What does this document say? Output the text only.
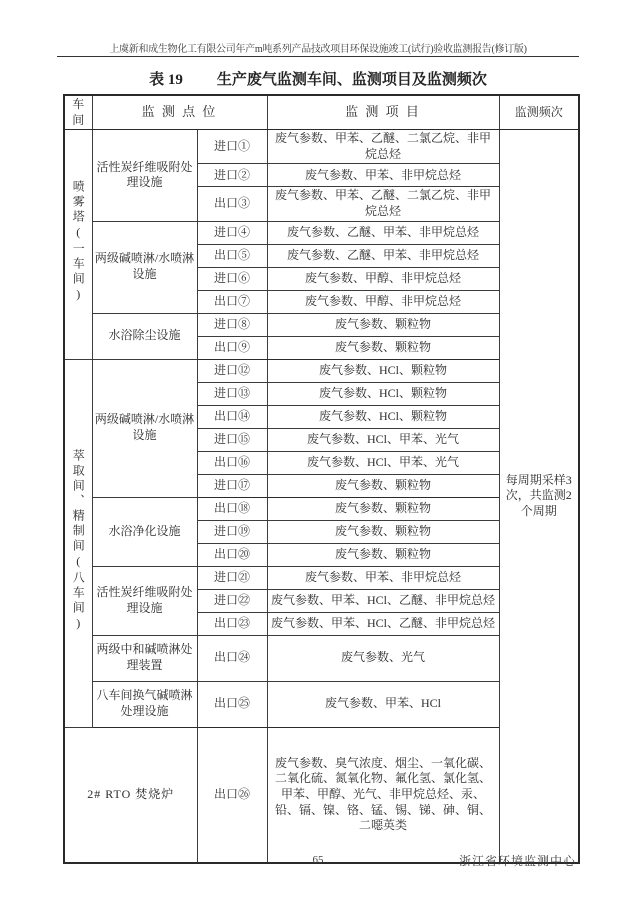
上虞新和成生物化工有限公司年产m吨系列产品技改项目环保设施竣工(试行)验收监测报告(修订版)
表 19 生产废气监测车间、监测项目及监测频次
车间	监 测 点 位		监 测 项 目	监测频次
喷雾塔(一车间)	活性炭纤维吸附处理设施	进口①	废气参数、甲苯、乙醚、二氯乙烷、非甲烷总烃	每周期采样3次，共监测2个周期
		进口②	废气参数、甲苯、非甲烷总烃	
		出口③	废气参数、甲苯、乙醚、二氯乙烷、非甲烷总烃	
	两级碱喷淋/水喷淋设施	进口④	废气参数、乙醚、甲苯、非甲烷总烃	
		出口⑤	废气参数、乙醚、甲苯、非甲烷总烃	
		进口⑥	废气参数、甲醇、非甲烷总烃	
		出口⑦	废气参数、甲醇、非甲烷总烃	
	水浴除尘设施	进口⑧	废气参数、颗粒物	
		出口⑨	废气参数、颗粒物	
萃取间、精制间(八车间)	两级碱喷淋/水喷淋设施	进口⑫	废气参数、HCl、颗粒物	
		进口⑬	废气参数、HCl、颗粒物	
		出口⑭	废气参数、HCl、颗粒物	
		进口⑮	废气参数、HCl、甲苯、光气	
		出口⑯	废气参数、HCl、甲苯、光气	
		进口⑰	废气参数、颗粒物	
	水浴净化设施	出口⑱	废气参数、颗粒物	
		进口⑲	废气参数、颗粒物	
		出口⑳	废气参数、颗粒物	
	活性炭纤维吸附处理设施	进口㉑	废气参数、甲苯、非甲烷总烃	
		进口㉒	废气参数、甲苯、HCl、乙醚、非甲烷总烃	
		出口㉓	废气参数、甲苯、HCl、乙醚、非甲烷总烃	
	两级中和碱喷淋处理装置	出口㉔	废气参数、光气	
	八车间换气碱喷淋处理设施	出口㉕	废气参数、甲苯、HCl	
2# RTO 焚烧炉		出口㉖	废气参数、臭气浓度、烟尘、一氧化碳、二氧化硫、氮氧化物、氟化氢、氯化氢、甲苯、甲醇、光气、非甲烷总烃、汞、铅、镉、镍、铬、锰、锡、锑、砷、铜、二噁英类	
65	浙江省环境监测中心
